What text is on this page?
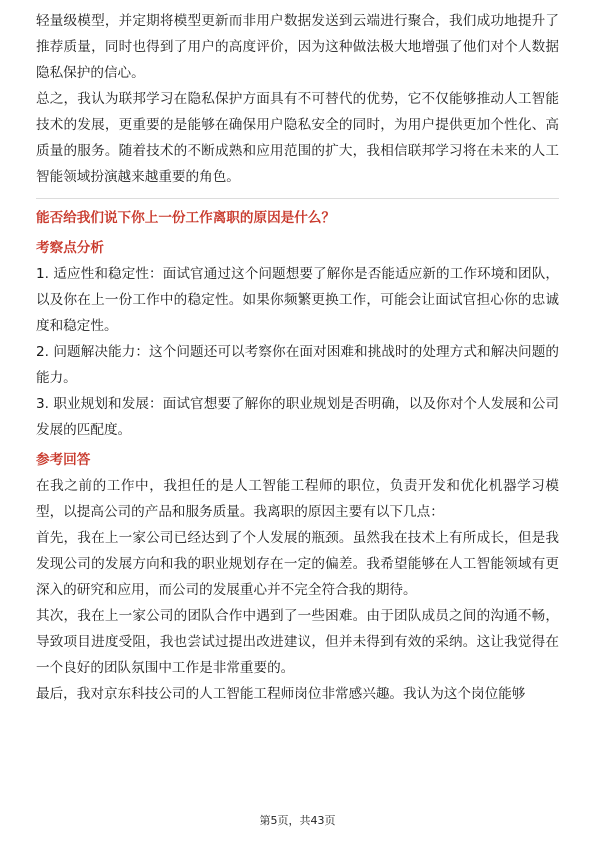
轻量级模型，并定期将模型更新而非用户数据发送到云端进行聚合，我们成功地提升了推荐质量，同时也得到了用户的高度评价，因为这种做法极大地增强了他们对个人数据隐私保护的信心。

总之，我认为联邦学习在隐私保护方面具有不可替代的优势，它不仅能够推动人工智能技术的发展，更重要的是能够在确保用户隐私安全的同时，为用户提供更加个性化、高质量的服务。随着技术的不断成熟和应用范围的扩大，我相信联邦学习将在未来的人工智能领域扮演越来越重要的角色。

能否给我们说下你上一份工作离职的原因是什么？

考察点分析

1. 适应性和稳定性：面试官通过这个问题想要了解你是否能适应新的工作环境和团队，以及你在上一份工作中的稳定性。如果你频繁更换工作，可能会让面试官担心你的忠诚度和稳定性。

2. 问题解决能力：这个问题还可以考察你在面对困难和挑战时的处理方式和解决问题的能力。

3. 职业规划和发展：面试官想要了解你的职业规划是否明确，以及你对个人发展和公司发展的匹配度。

参考回答

在我之前的工作中，我担任的是人工智能工程师的职位，负责开发和优化机器学习模型，以提高公司的产品和服务质量。我离职的原因主要有以下几点：

首先，我在上一家公司已经达到了个人发展的瓶颈。虽然我在技术上有所成长，但是我发现公司的发展方向和我的职业规划存在一定的偏差。我希望能够在人工智能领域有更深入的研究和应用，而公司的发展重心并不完全符合我的期待。

其次，我在上一家公司的团队合作中遇到了一些困难。由于团队成员之间的沟通不畅，导致项目进度受阻，我也尝试过提出改进建议，但并未得到有效的采纳。这让我觉得在一个良好的团队氛围中工作是非常重要的。

最后，我对京东科技公司的人工智能工程师岗位非常感兴趣。我认为这个岗位能够

第5页，共43页
